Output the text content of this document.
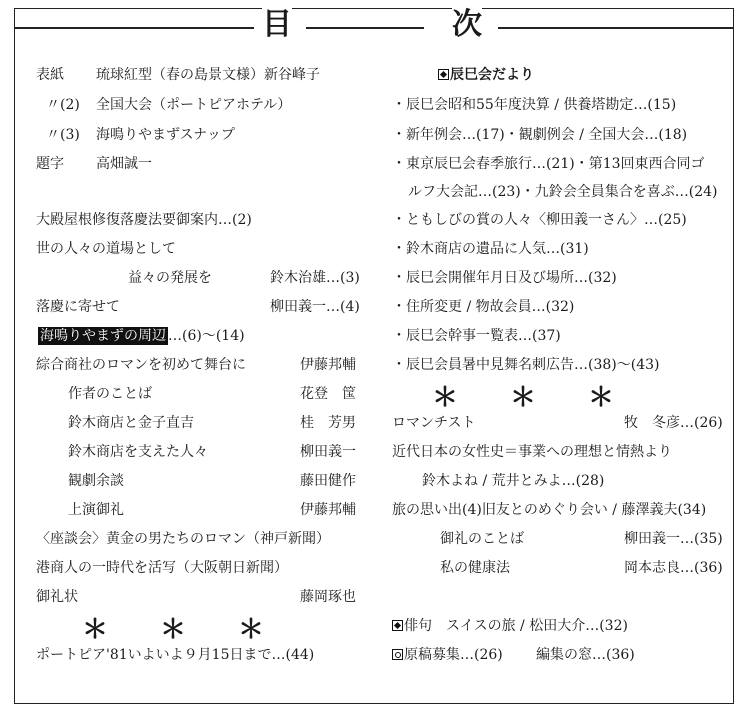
目	次
表紙 琉球紅型（春の島景文様）新谷峰子
〃(2) 全国大会（ポートピアホテル）
〃(3) 海鳴りやまずスナップ
題字 高畑誠一
大殿屋根修復落慶法要御案内…(2)
世の人々の道場として
益々の発展を	鈴木治雄…(3)
落慶に寄せて	柳田義一…(4)
海鳴りやまずの周辺 …(6)〜(14)
綜合商社のロマンを初めて舞台に	伊藤邦輔
作者のことば	花登　筺
鈴木商店と金子直吉	桂　芳男
鈴木商店を支えた人々	柳田義一
観劇余談	藤田健作
上演御礼	伊藤邦輔
〈座談会〉黄金の男たちのロマン（神戸新聞）
港商人の一時代を活写（大阪朝日新聞）
御礼状	藤岡琢也
＊　　＊　　＊
ポートピア'81いよいよ９月15日まで…(44)
辰巳会だより
・辰巳会昭和55年度決算 / 供養塔勘定…(15)
・新年例会…(17)・観劇例会 / 全国大会…(18)
・東京辰巳会春季旅行…(21)・第13回東西合同ゴ
ルフ大会記…(23)・九鈴会全員集合を喜ぶ…(24)
・ともしびの賞の人々〈柳田義一さん〉…(25)
・鈴木商店の遺品に人気…(31)
・辰巳会開催年月日及び場所…(32)
・住所変更 / 物故会員…(32)
・辰巳会幹事一覧表…(37)
・辰巳会員暑中見舞名刺広告…(38)〜(43)
＊　　＊　　＊
ロマンチスト	牧　冬彦…(26)
近代日本の女性史＝事業への理想と情熱より
鈴木よね / 荒井とみよ…(28)
旅の思い出(4)旧友とのめぐり会い / 藤澤義夫(34)
御礼のことば	柳田義一…(35)
私の健康法	岡本志良…(36)
俳句　スイスの旅 / 松田大介…(32)
原稿募集…(26) 編集の窓…(36)
